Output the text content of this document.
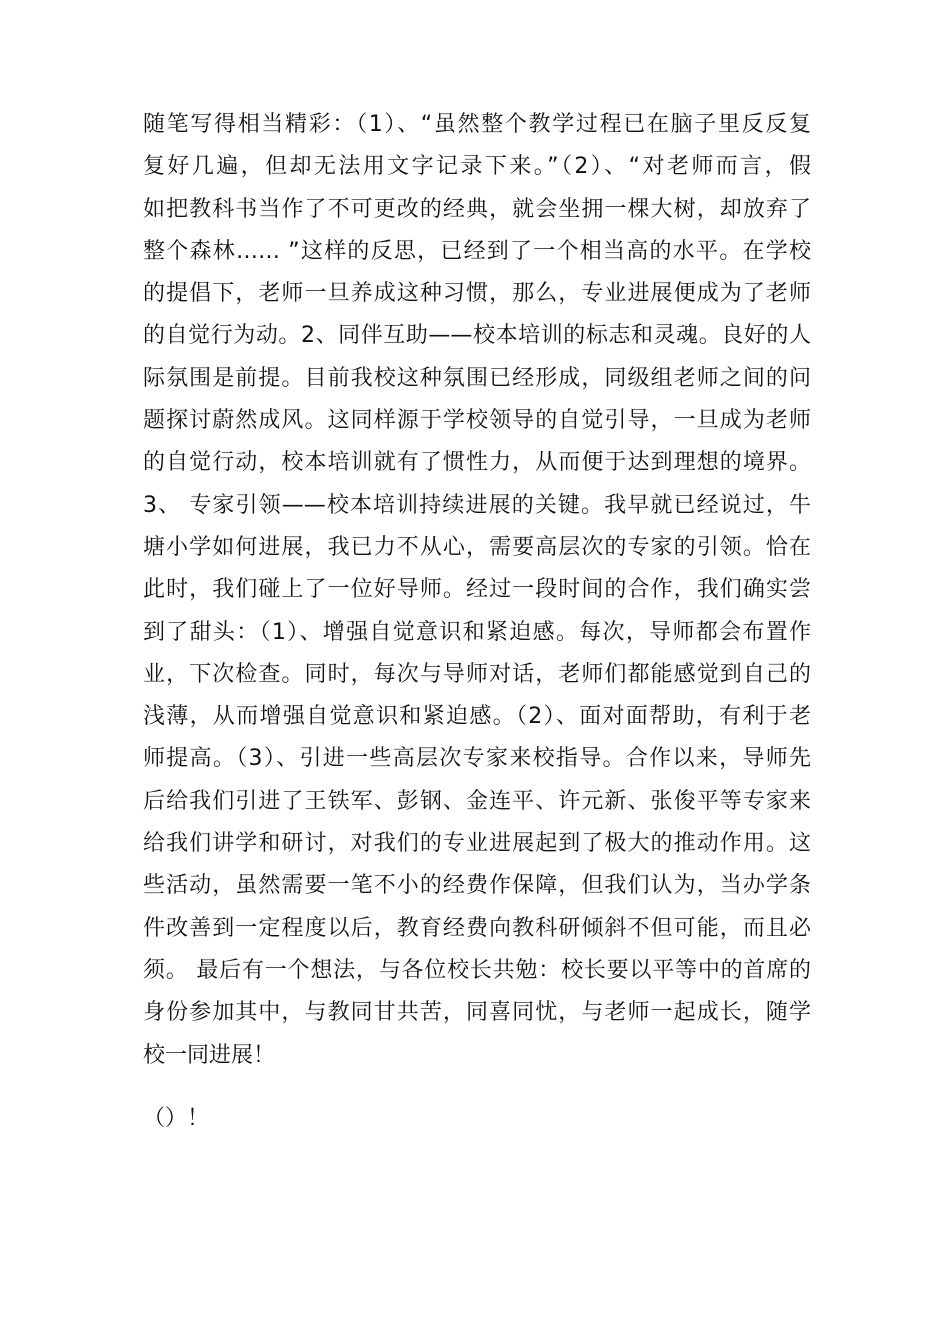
随笔写得相当精彩：（1）、“虽然整个教学过程已在脑子里反反复
复好几遍，但却无法用文字记录下来。”（2）、“对老师而言，假
如把教科书当作了不可更改的经典，就会坐拥一棵大树，却放弃了
整个森林…… ”这样的反思，已经到了一个相当高的水平。在学校
的提倡下，老师一旦养成这种习惯，那么，专业进展便成为了老师
的自觉行为动。2、同伴互助——校本培训的标志和灵魂。良好的人
际氛围是前提。目前我校这种氛围已经形成，同级组老师之间的问
题探讨蔚然成风。这同样源于学校领导的自觉引导，一旦成为老师
的自觉行动，校本培训就有了惯性力，从而便于达到理想的境界。
3、 专家引领——校本培训持续进展的关键。我早就已经说过，牛
塘小学如何进展，我已力不从心，需要高层次的专家的引领。恰在
此时，我们碰上了一位好导师。经过一段时间的合作，我们确实尝
到了甜头：（1）、增强自觉意识和紧迫感。每次，导师都会布置作
业，下次检查。同时，每次与导师对话，老师们都能感觉到自己的
浅薄，从而增强自觉意识和紧迫感。（2）、面对面帮助，有利于老
师提高。（3）、引进一些高层次专家来校指导。合作以来，导师先
后给我们引进了王铁军、彭钢、金连平、许元新、张俊平等专家来
给我们讲学和研讨，对我们的专业进展起到了极大的推动作用。这
些活动，虽然需要一笔不小的经费作保障，但我们认为，当办学条
件改善到一定程度以后，教育经费向教科研倾斜不但可能，而且必
须。 最后有一个想法，与各位校长共勉：校长要以平等中的首席的
身份参加其中，与教同甘共苦，同喜同忧，与老师一起成长，随学
校一同进展！

（）！
